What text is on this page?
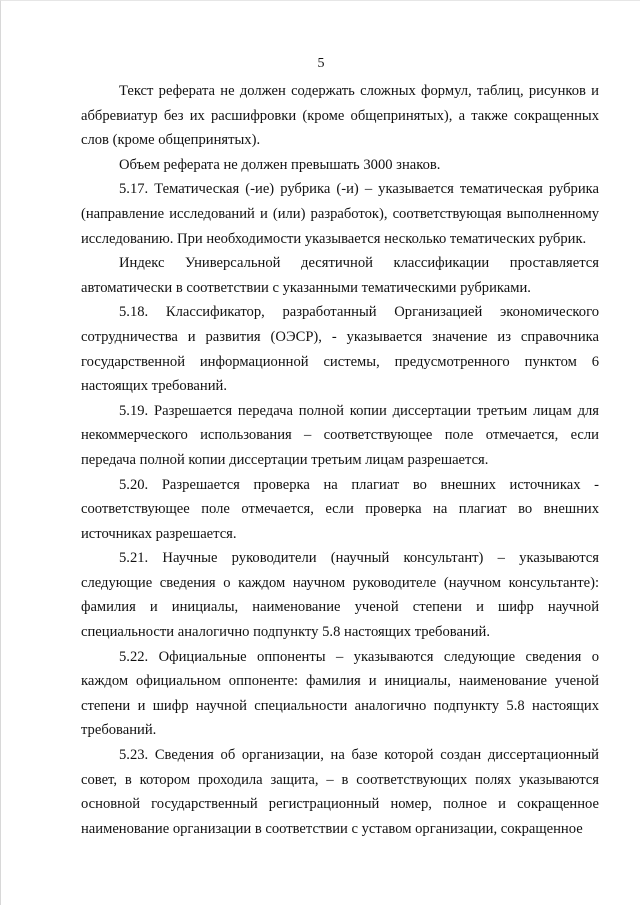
5

Текст реферата не должен содержать сложных формул, таблиц, рисунков и аббревиатур без их расшифровки (кроме общепринятых), а также сокращенных слов (кроме общепринятых).

Объем реферата не должен превышать 3000 знаков.

5.17. Тематическая (-ие) рубрика (-и) – указывается тематическая рубрика (направление исследований и (или) разработок), соответствующая выполненному исследованию. При необходимости указывается несколько тематических рубрик.

Индекс Универсальной десятичной классификации проставляется автоматически в соответствии с указанными тематическими рубриками.

5.18. Классификатор, разработанный Организацией экономического сотрудничества и развития (ОЭСР), - указывается значение из справочника государственной информационной системы, предусмотренного пунктом 6 настоящих требований.

5.19. Разрешается передача полной копии диссертации третьим лицам для некоммерческого использования – соответствующее поле отмечается, если передача полной копии диссертации третьим лицам разрешается.

5.20. Разрешается проверка на плагиат во внешних источниках - соответствующее поле отмечается, если проверка на плагиат во внешних источниках разрешается.

5.21. Научные руководители (научный консультант) – указываются следующие сведения о каждом научном руководителе (научном консультанте): фамилия и инициалы, наименование ученой степени и шифр научной специальности аналогично подпункту 5.8 настоящих требований.

5.22. Официальные оппоненты – указываются следующие сведения о каждом официальном оппоненте: фамилия и инициалы, наименование ученой степени и шифр научной специальности аналогично подпункту 5.8 настоящих требований.

5.23. Сведения об организации, на базе которой создан диссертационный совет, в котором проходила защита, – в соответствующих полях указываются основной государственный регистрационный номер, полное и сокращенное наименование организации в соответствии с уставом организации, сокращенное
